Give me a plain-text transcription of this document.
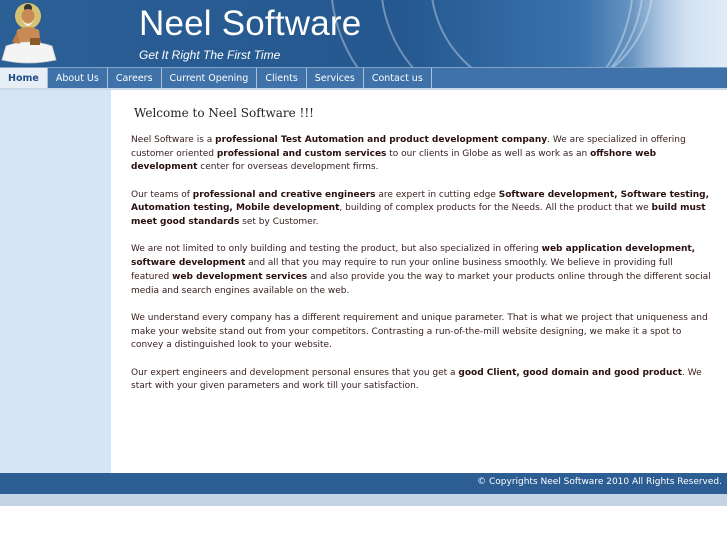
Neel Software
Get It Right The First Time
Home	About Us	Careers	Current Opening	Clients	Services	Contact us
Welcome to Neel Software !!!

Neel Software is a professional Test Automation and product development company. We are specialized in offering customer oriented professional and custom services to our clients in Globe as well as work as an offshore web development center for overseas development firms.

Our teams of professional and creative engineers are expert in cutting edge Software development, Software testing, Automation testing, Mobile development, building of complex products for the Needs. All the product that we build must meet good standards set by Customer.

We are not limited to only building and testing the product, but also specialized in offering web application development, software development and all that you may require to run your online business smoothly. We believe in providing full featured web development services and also provide you the way to market your products online through the different social media and search engines available on the web.

We understand every company has a different requirement and unique parameter. That is what we project that uniqueness and make your website stand out from your competitors. Contrasting a run-of-the-mill website designing, we make it a spot to convey a distinguished look to your website.

Our expert engineers and development personal ensures that you get a good Client, good domain and good product. We start with your given parameters and work till your satisfaction.

© Copyrights Neel Software 2010 All Rights Reserved.
